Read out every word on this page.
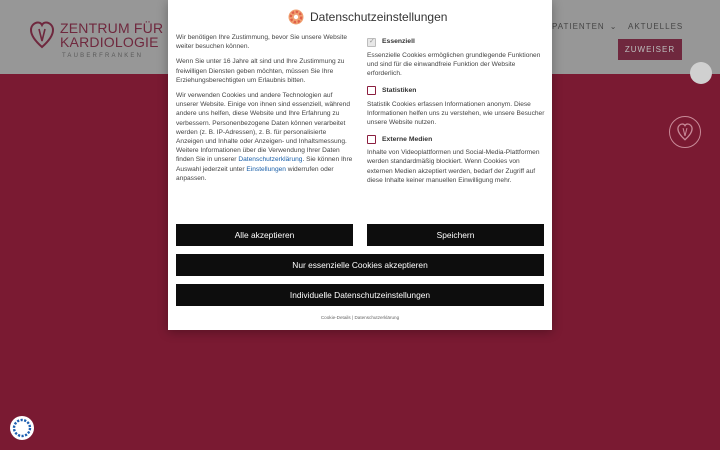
ZENTRUM FÜR
KARDIOLOGIE
TAUBERFRANKEN
PATIENTEN ⌄ AKTUELLES
ZUWEISER
Datenschutzeinstellungen

Wir benötigen Ihre Zustimmung, bevor Sie unsere Website weiter besuchen können.

Wenn Sie unter 16 Jahre alt sind und Ihre Zustimmung zu freiwilligen Diensten geben möchten, müssen Sie Ihre Erziehungsberechtigten um Erlaubnis bitten.

Wir verwenden Cookies und andere Technologien auf unserer Website. Einige von ihnen sind essenziell, während andere uns helfen, diese Website und Ihre Erfahrung zu verbessern. Personenbezogene Daten können verarbeitet werden (z. B. IP-Adressen), z. B. für personalisierte Anzeigen und Inhalte oder Anzeigen- und Inhaltsmessung. Weitere Informationen über die Verwendung Ihrer Daten finden Sie in unserer Datenschutzerklärung. Sie können Ihre Auswahl jederzeit unter Einstellungen widerrufen oder anpassen.

✓
Essenziell

Essenzielle Cookies ermöglichen grundlegende Funktionen und sind für die einwandfreie Funktion der Website erforderlich.

Statistiken

Statistik Cookies erfassen Informationen anonym. Diese Informationen helfen uns zu verstehen, wie unsere Besucher unsere Website nutzen.

Externe Medien

Inhalte von Videoplattformen und Social-Media-Plattformen werden standardmäßig blockiert. Wenn Cookies von externen Medien akzeptiert werden, bedarf der Zugriff auf diese Inhalte keiner manuellen Einwilligung mehr.

Alle akzeptieren	Speichern
Nur essenzielle Cookies akzeptieren
Individuelle Datenschutzeinstellungen
Cookie-Details | Datenschutzerklärung
